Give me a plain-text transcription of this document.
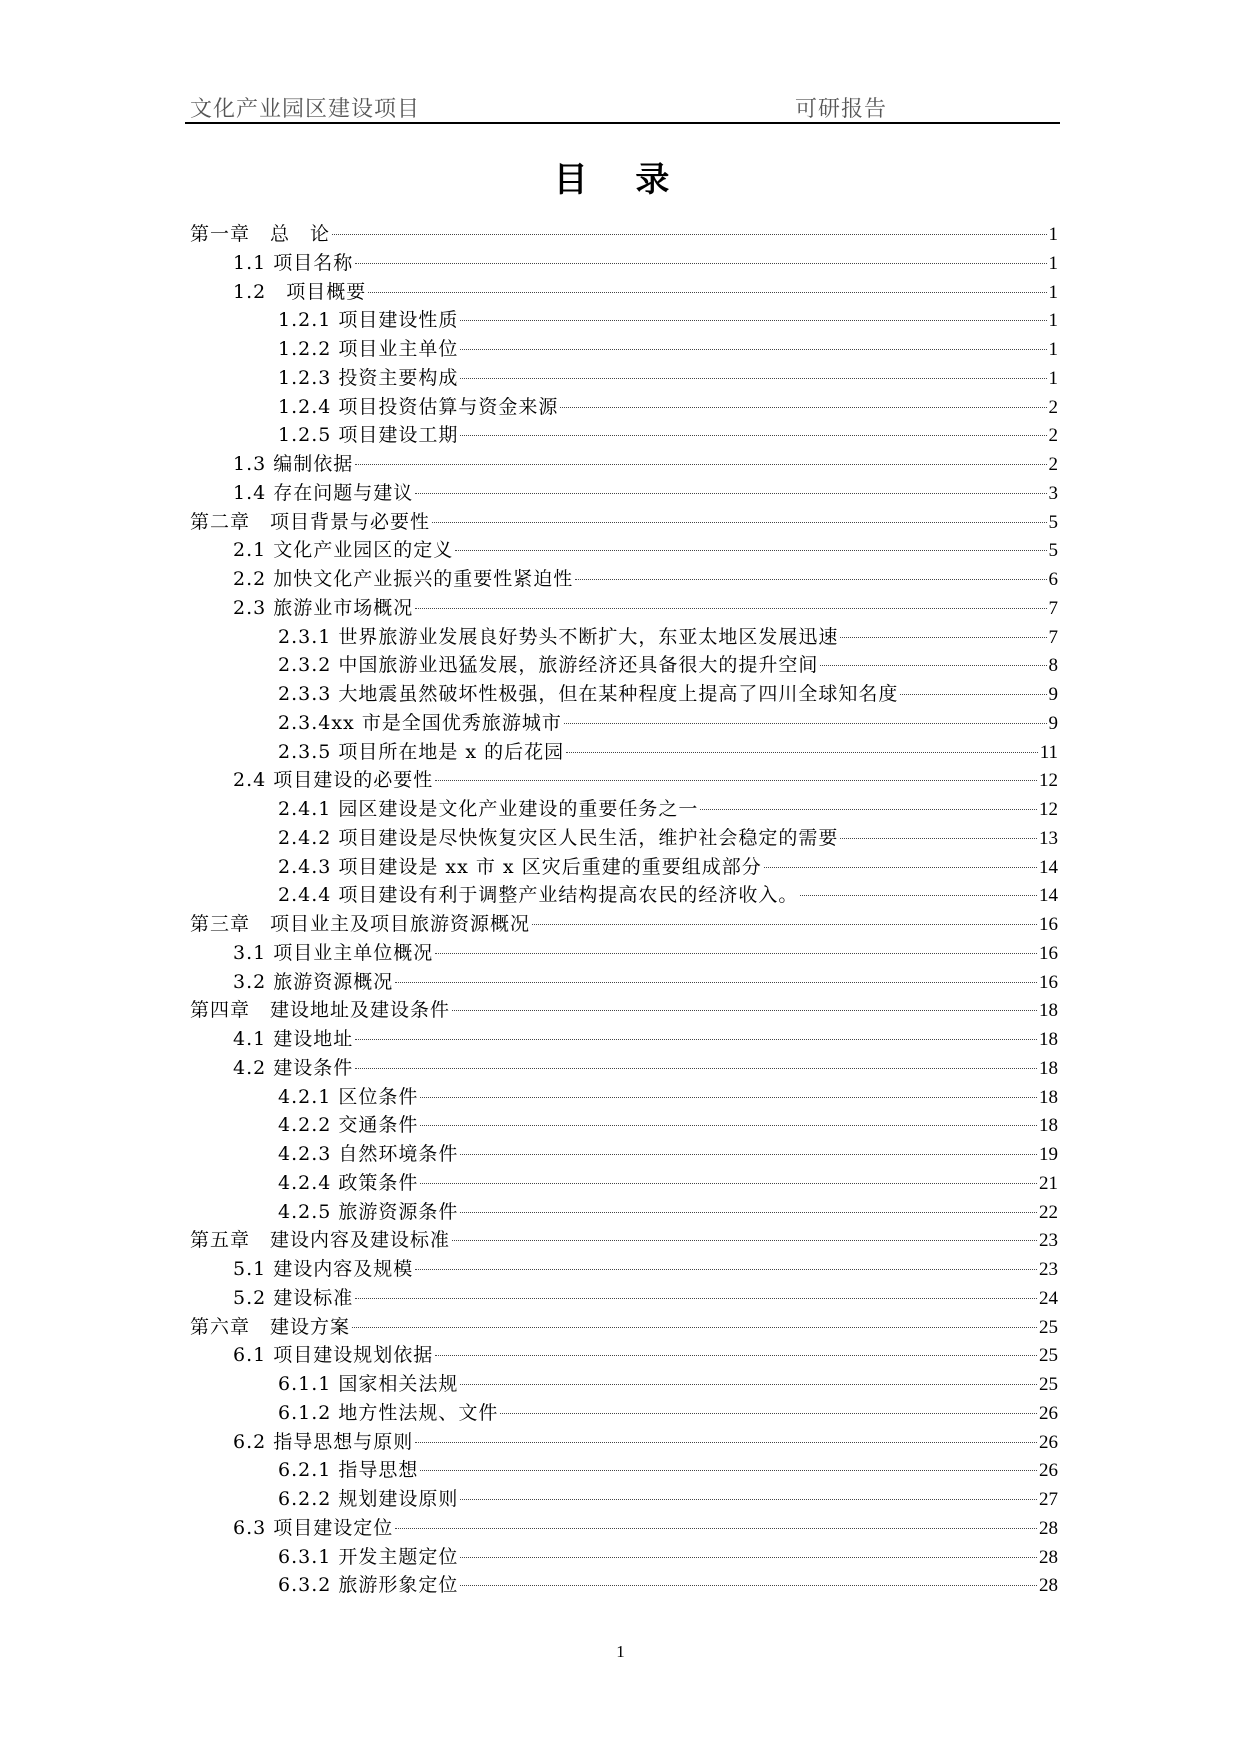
文化产业园区建设项目	可研报告
目 录
第一章　总　论	1
1.1 项目名称	1
1.2　项目概要	1
1.2.1 项目建设性质	1
1.2.2 项目业主单位	1
1.2.3 投资主要构成	1
1.2.4 项目投资估算与资金来源	2
1.2.5 项目建设工期	2
1.3 编制依据	2
1.4 存在问题与建议	3
第二章　项目背景与必要性	5
2.1 文化产业园区的定义	5
2.2 加快文化产业振兴的重要性紧迫性	6
2.3 旅游业市场概况	7
2.3.1 世界旅游业发展良好势头不断扩大，东亚太地区发展迅速	7
2.3.2 中国旅游业迅猛发展，旅游经济还具备很大的提升空间	8
2.3.3 大地震虽然破坏性极强，但在某种程度上提高了四川全球知名度	9
2.3.4xx 市是全国优秀旅游城市	9
2.3.5 项目所在地是 x 的后花园	11
2.4 项目建设的必要性	12
2.4.1 园区建设是文化产业建设的重要任务之一	12
2.4.2 项目建设是尽快恢复灾区人民生活，维护社会稳定的需要	13
2.4.3 项目建设是 xx 市 x 区灾后重建的重要组成部分	14
2.4.4 项目建设有利于调整产业结构提高农民的经济收入。	14
第三章　项目业主及项目旅游资源概况	16
3.1 项目业主单位概况	16
3.2 旅游资源概况	16
第四章　建设地址及建设条件	18
4.1 建设地址	18
4.2 建设条件	18
4.2.1 区位条件	18
4.2.2 交通条件	18
4.2.3 自然环境条件	19
4.2.4 政策条件	21
4.2.5 旅游资源条件	22
第五章　建设内容及建设标准	23
5.1 建设内容及规模	23
5.2 建设标准	24
第六章　建设方案	25
6.1 项目建设规划依据	25
6.1.1 国家相关法规	25
6.1.2 地方性法规、文件	26
6.2 指导思想与原则	26
6.2.1 指导思想	26
6.2.2 规划建设原则	27
6.3 项目建设定位	28
6.3.1 开发主题定位	28
6.3.2 旅游形象定位	28
1
